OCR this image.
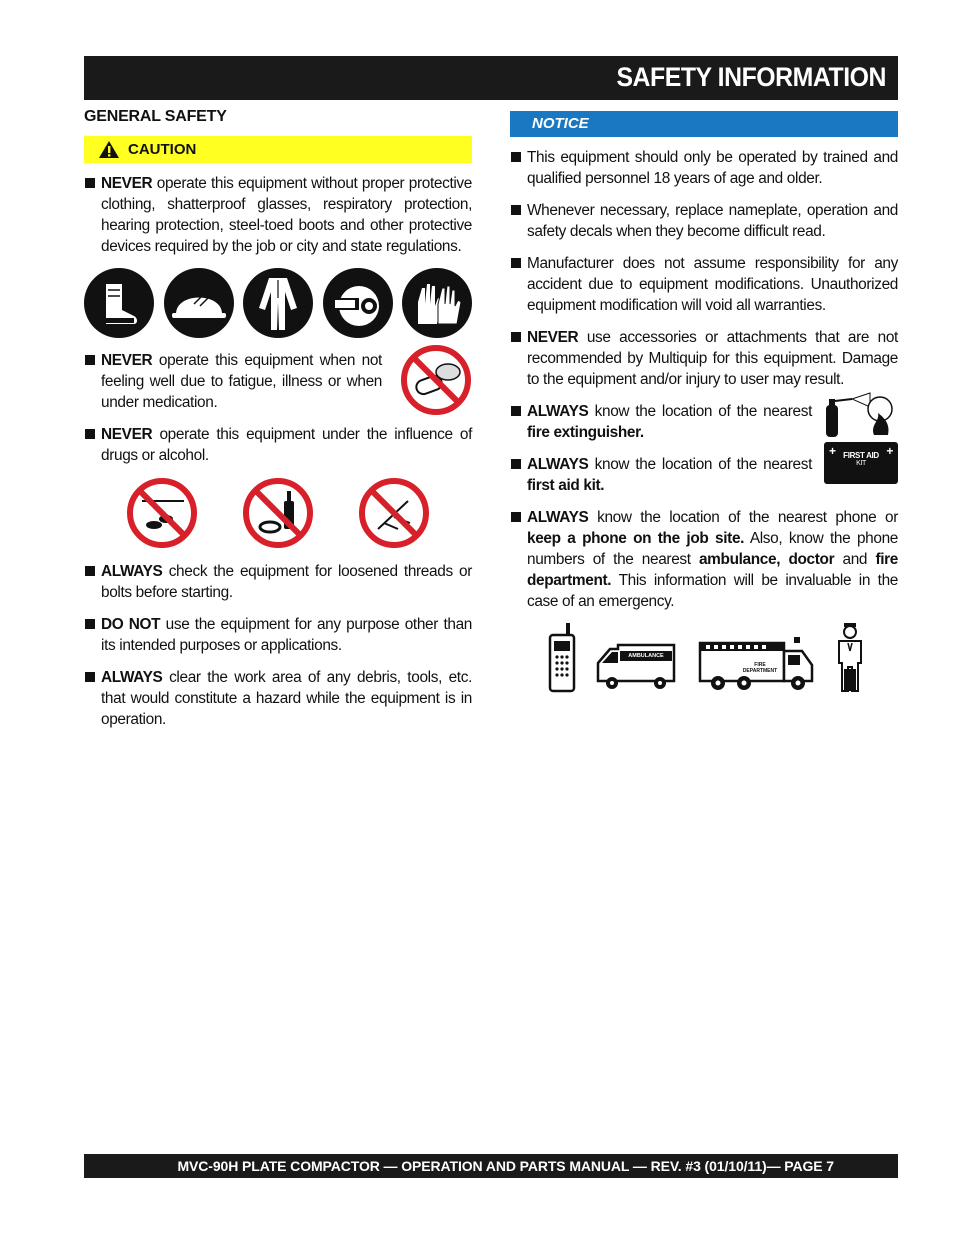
SAFETY INFORMATION
GENERAL SAFETY
CAUTION
NEVER operate this equipment without proper protective clothing, shatterproof glasses, respiratory protection, hearing protection, steel-toed boots and other protective devices required by the job or city and state regulations.
NEVER operate this equipment when not feeling well due to fatigue, illness or when under medication.
NEVER operate this equipment under the influence of drugs or alcohol.
ALWAYS check the equipment for loosened threads or bolts before starting.
DO NOT use the equipment for any purpose other than its intended purposes or applications.
ALWAYS clear the work area of any debris, tools, etc. that would constitute a hazard while the equipment is in operation.
NOTICE
This equipment should only be operated by trained and qualified personnel 18 years of age and older.
Whenever necessary, replace nameplate, operation and safety decals when they become difficult read.
Manufacturer does not assume responsibility for any accident due to equipment modifications. Unauthorized equipment modification will void all warranties.
NEVER use accessories or attachments that are not recommended by Multiquip for this equipment. Damage to the equipment and/or injury to user may result.
ALWAYS know the location of the nearest fire extinguisher.
ALWAYS know the location of the nearest first aid kit.
+ FIRST AID +
KIT
ALWAYS know the location of the nearest phone or keep a phone on the job site. Also, know the phone numbers of the nearest ambulance, doctor and fire department. This information will be invaluable in the case of an emergency.
AMBULANCE
FIRE
DEPARTMENT
MVC-90H PLATE COMPACTOR — OPERATION AND PARTS MANUAL — REV. #3 (01/10/11)— PAGE 7
